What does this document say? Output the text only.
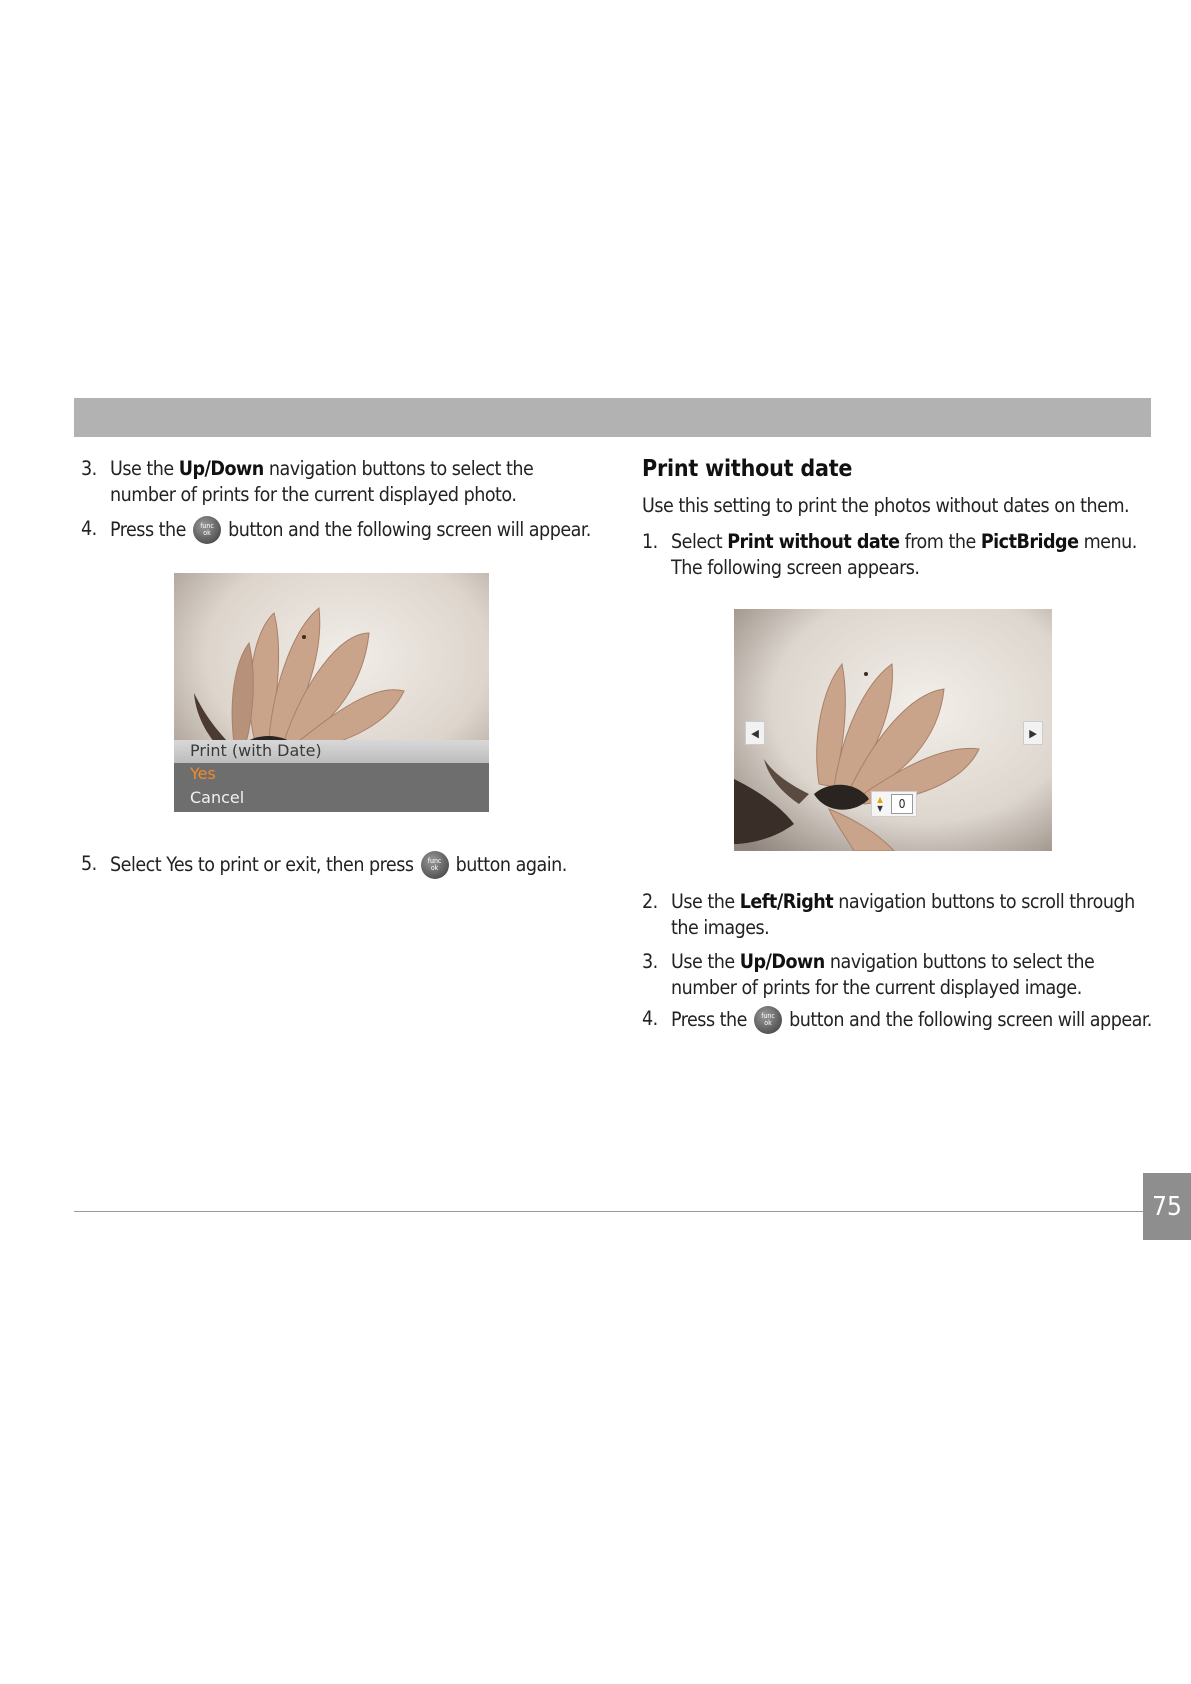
3. Use the Up/Down navigation buttons to select the
number of prints for the current displayed photo.
4. Press the	func
ok button and the following screen will appear.
Print (with Date)
Yes
Cancel
5. Select Yes to print or exit, then press	func
ok button again.
Print without date
Use this setting to print the photos without dates on them.
1. Select Print without date from the PictBridge menu.
The following screen appears.
◀	▶
▲
▼	0
2. Use the Left/Right navigation buttons to scroll through
the images.
3. Use the Up/Down navigation buttons to select the
number of prints for the current displayed image.
4. Press the	func
ok button and the following screen will appear.
75
